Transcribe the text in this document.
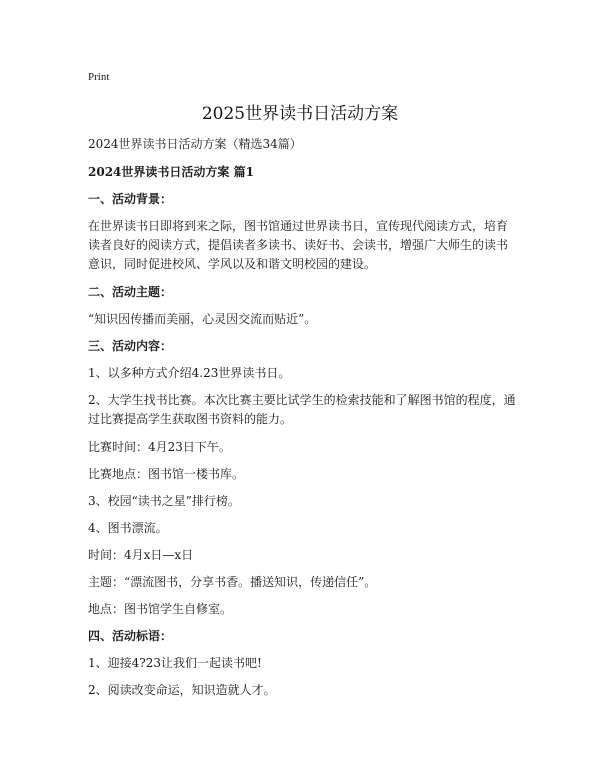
Print
2025世界读书日活动方案

2024世界读书日活动方案（精选34篇）

2024世界读书日活动方案 篇1

一、活动背景：

在世界读书日即将到来之际，图书馆通过世界读书日，宣传现代阅读方式，培育读者良好的阅读方式，提倡读者多读书、读好书、会读书，增强广大师生的读书意识，同时促进校风、学风以及和谐文明校园的建设。

二、活动主题：

“知识因传播而美丽，心灵因交流而贴近”。

三、活动内容：

1、以多种方式介绍4.23世界读书日。

2、大学生找书比赛。本次比赛主要比试学生的检索技能和了解图书馆的程度，通过比赛提高学生获取图书资料的能力。

比赛时间：4月23日下午。

比赛地点：图书馆一楼书库。

3、校园“读书之星”排行榜。

4、图书漂流。

时间：4月x日—x日

主题：“漂流图书，分享书香。播送知识，传递信任”。

地点：图书馆学生自修室。

四、活动标语：

1、迎接4?23让我们一起读书吧!

2、阅读改变命运，知识造就人才。
